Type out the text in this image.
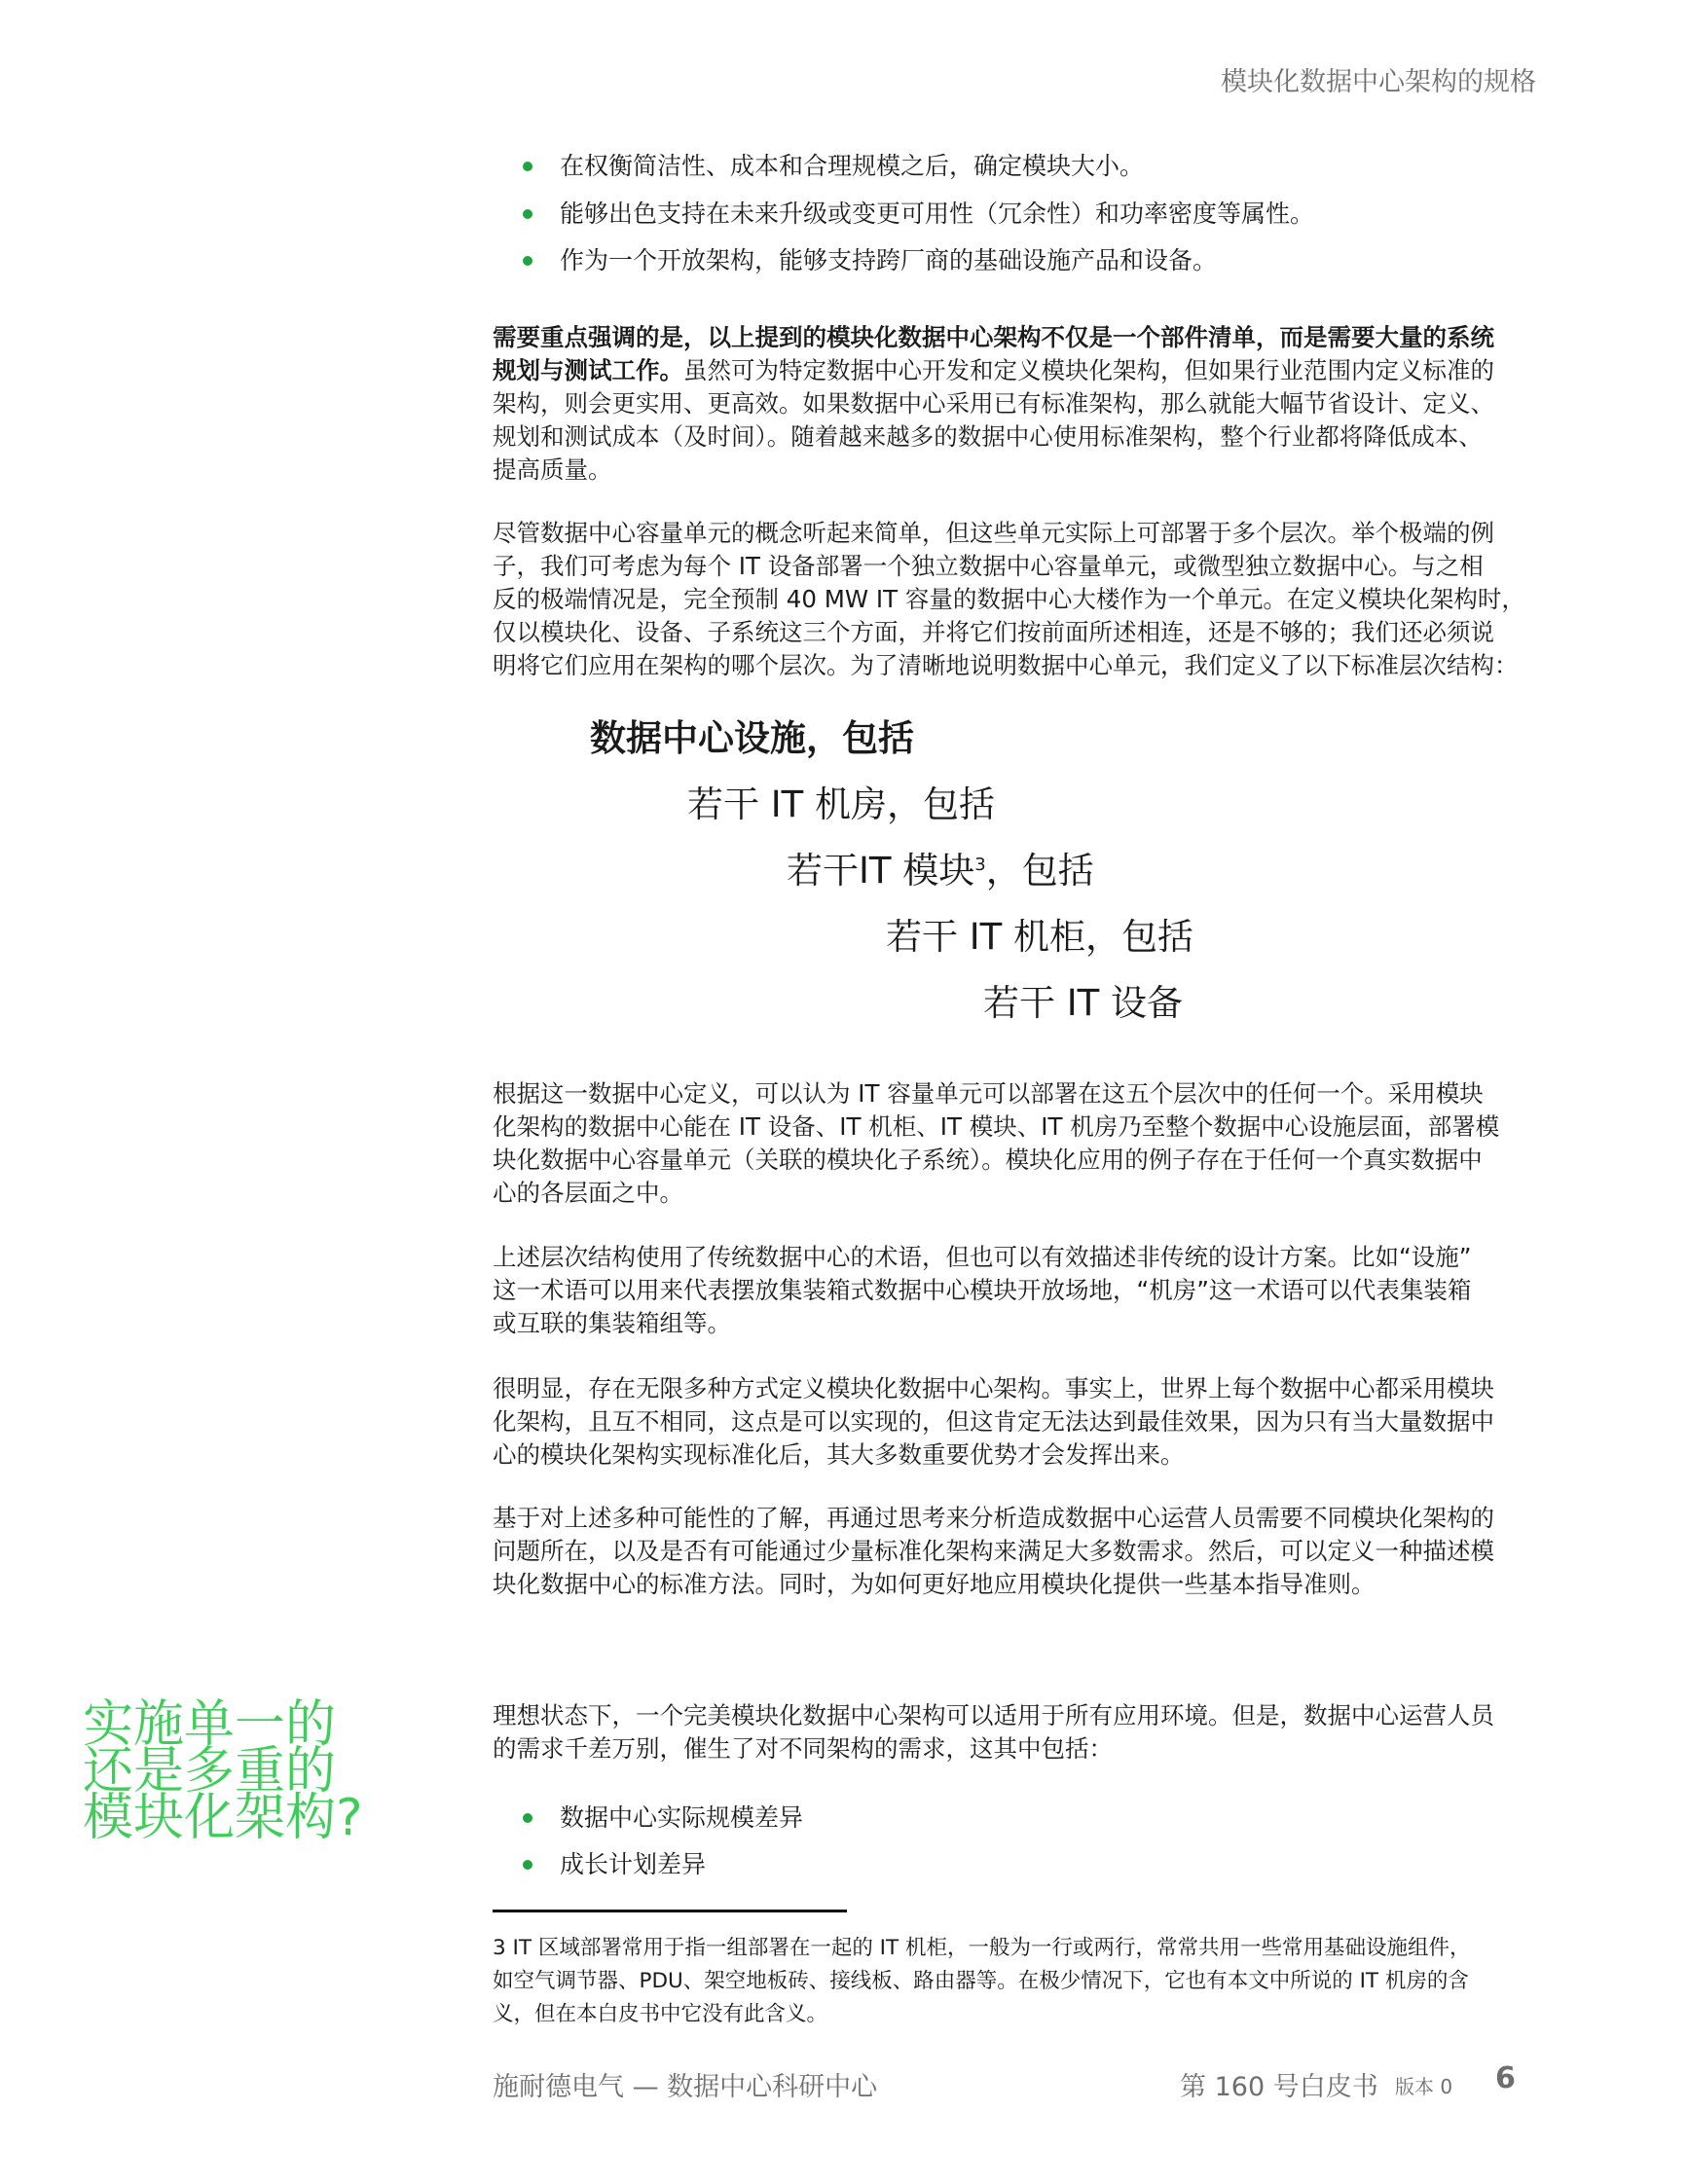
模块化数据中心架构的规格
在权衡简洁性、成本和合理规模之后，确定模块大小。
能够出色支持在未来升级或变更可用性（冗余性）和功率密度等属性。
作为一个开放架构，能够支持跨厂商的基础设施产品和设备。
需要重点强调的是，以上提到的模块化数据中心架构不仅是一个部件清单，而是需要大量的系统
规划与测试工作。虽然可为特定数据中心开发和定义模块化架构，但如果行业范围内定义标准的
架构，则会更实用、更高效。如果数据中心采用已有标准架构，那么就能大幅节省设计、定义、
规划和测试成本（及时间）。随着越来越多的数据中心使用标准架构，整个行业都将降低成本、
提高质量。
尽管数据中心容量单元的概念听起来简单，但这些单元实际上可部署于多个层次。举个极端的例
子，我们可考虑为每个 IT 设备部署一个独立数据中心容量单元，或微型独立数据中心。与之相
反的极端情况是，完全预制 40 MW IT 容量的数据中心大楼作为一个单元。在定义模块化架构时，
仅以模块化、设备、子系统这三个方面，并将它们按前面所述相连，还是不够的；我们还必须说
明将它们应用在架构的哪个层次。为了清晰地说明数据中心单元，我们定义了以下标准层次结构：
数据中心设施，包括
若干 IT 机房，包括
若干IT 模块$^3$，包括
若干 IT 机柜，包括
若干 IT 设备
根据这一数据中心定义，可以认为 IT 容量单元可以部署在这五个层次中的任何一个。采用模块
化架构的数据中心能在 IT 设备、IT 机柜、IT 模块、IT 机房乃至整个数据中心设施层面，部署模
块化数据中心容量单元（关联的模块化子系统）。模块化应用的例子存在于任何一个真实数据中
心的各层面之中。
上述层次结构使用了传统数据中心的术语，但也可以有效描述非传统的设计方案。比如“设施”
这一术语可以用来代表摆放集装箱式数据中心模块开放场地，“机房”这一术语可以代表集装箱
或互联的集装箱组等。
很明显，存在无限多种方式定义模块化数据中心架构。事实上，世界上每个数据中心都采用模块
化架构，且互不相同，这点是可以实现的，但这肯定无法达到最佳效果，因为只有当大量数据中
心的模块化架构实现标准化后，其大多数重要优势才会发挥出来。
基于对上述多种可能性的了解，再通过思考来分析造成数据中心运营人员需要不同模块化架构的
问题所在，以及是否有可能通过少量标准化架构来满足大多数需求。然后，可以定义一种描述模
块化数据中心的标准方法。同时，为如何更好地应用模块化提供一些基本指导准则。
实施单一的
还是多重的
模块化架构?
理想状态下，一个完美模块化数据中心架构可以适用于所有应用环境。但是，数据中心运营人员
的需求千差万别，催生了对不同架构的需求，这其中包括：
数据中心实际规模差异
成长计划差异
3 IT 区域部署常用于指一组部署在一起的 IT 机柜，一般为一行或两行，常常共用一些常用基础设施组件，
如空气调节器、PDU、架空地板砖、接线板、路由器等。在极少情况下，它也有本文中所说的 IT 机房的含
义，但在本白皮书中它没有此含义。
施耐德电气 — 数据中心科研中心	第 160 号白皮书 版本 0 6
